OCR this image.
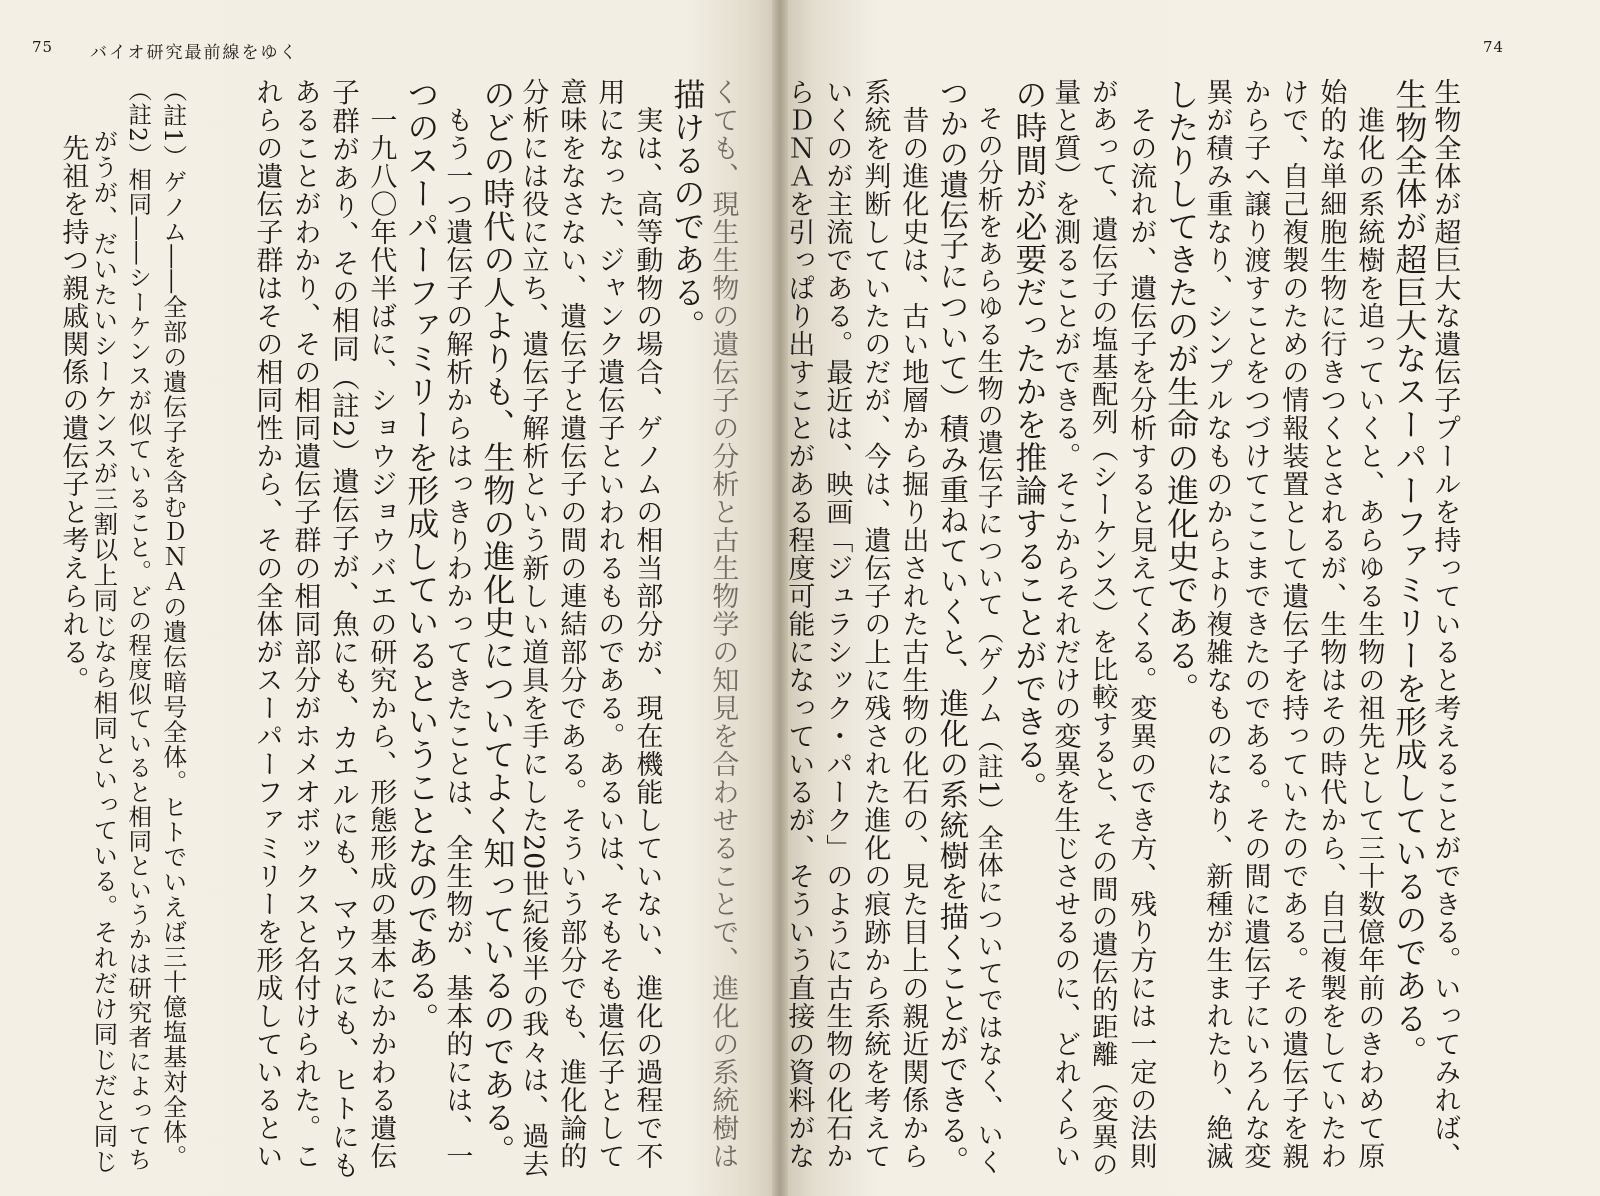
75 バイオ研究最前線をゆく	74
生物全体が超巨大な遺伝子プールを持っていると考えることができる。いってみれば、
生物全体が超巨大なスーパーファミリーを形成しているのである。
　進化の系統樹を追っていくと、あらゆる生物の祖先として三十数億年前のきわめて原
始的な単細胞生物に行きつくとされるが、生物はその時代から、自己複製をしていたわ
けで、自己複製のための情報装置として遺伝子を持っていたのである。その遺伝子を親
から子へ譲り渡すことをつづけてここまできたのである。その間に遺伝子にいろんな変
異が積み重なり、シンプルなものからより複雑なものになり、新種が生まれたり、絶滅
したりしてきたのが生命の進化史である。
　その流れが、遺伝子を分析すると見えてくる。変異のでき方、残り方には一定の法則
があって、遺伝子の塩基配列（シーケンス）を比較すると、その間の遺伝的距離（変異の
量と質）を測ることができる。そこからそれだけの変異を生じさせるのに、どれくらい
の時間が必要だったかを推論することができる。
　その分析をあらゆる生物の遺伝子について（ゲノム（註1）全体についてではなく、いく
つかの遺伝子について）積み重ねていくと、進化の系統樹を描くことができる。
　昔の進化史は、古い地層から掘り出された古生物の化石の、見た目上の親近関係から
系統を判断していたのだが、今は、遺伝子の上に残された進化の痕跡から系統を考えて
いくのが主流である。最近は、映画「ジュラシック・パーク」のように古生物の化石か
らＤＮＡを引っぱり出すことがある程度可能になっているが、そういう直接の資料がな
くても、現生生物の遺伝子の分析と古生物学の知見を合わせることで、進化の系統樹は
描けるのである。
　実は、高等動物の場合、ゲノムの相当部分が、現在機能していない、進化の過程で不
用になった、ジャンク遺伝子といわれるものである。あるいは、そもそも遺伝子として
意味をなさない、遺伝子と遺伝子の間の連結部分である。そういう部分でも、進化論的
分析には役に立ち、遺伝子解析という新しい道具を手にした20世紀後半の我々は、過去
のどの時代の人よりも、生物の進化史についてよく知っているのである。
　もう一つ遺伝子の解析からはっきりわかってきたことは、全生物が、基本的には、一
つのスーパーファミリーを形成しているということなのである。
　一九八〇年代半ばに、ショウジョウバエの研究から、形態形成の基本にかかわる遺伝
子群があり、その相同（註2）遺伝子が、魚にも、カエルにも、マウスにも、ヒトにも
あることがわかり、その相同遺伝子群の相同部分がホメオボックスと名付けられた。こ
れらの遺伝子群はその相同性から、その全体がスーパーファミリーを形成しているとい
（註1）ゲノム――全部の遺伝子を含むＤＮＡの遺伝暗号全体。ヒトでいえば三十億塩基対全体。
（註2）相同――シーケンスが似ていること。どの程度似ていると相同というかは研究者によってち
　　がうが、だいたいシーケンスが三割以上同じなら相同といっている。それだけ同じだと同じ
　　先祖を持つ親戚関係の遺伝子と考えられる。
